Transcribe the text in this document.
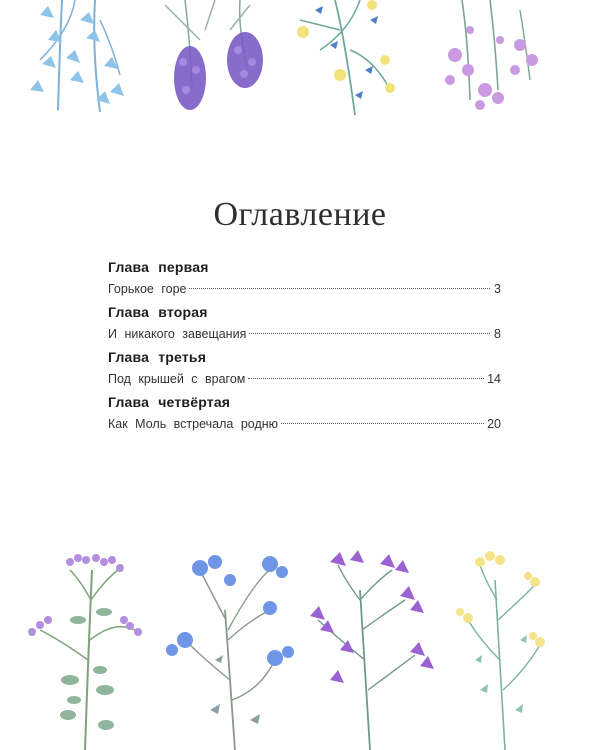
Оглавление
Глава первая
Горькое горе	3
Глава вторая
И никакого завещания	8
Глава третья
Под крышей с врагом	14
Глава четвёртая
Как Моль встречала родню	20
